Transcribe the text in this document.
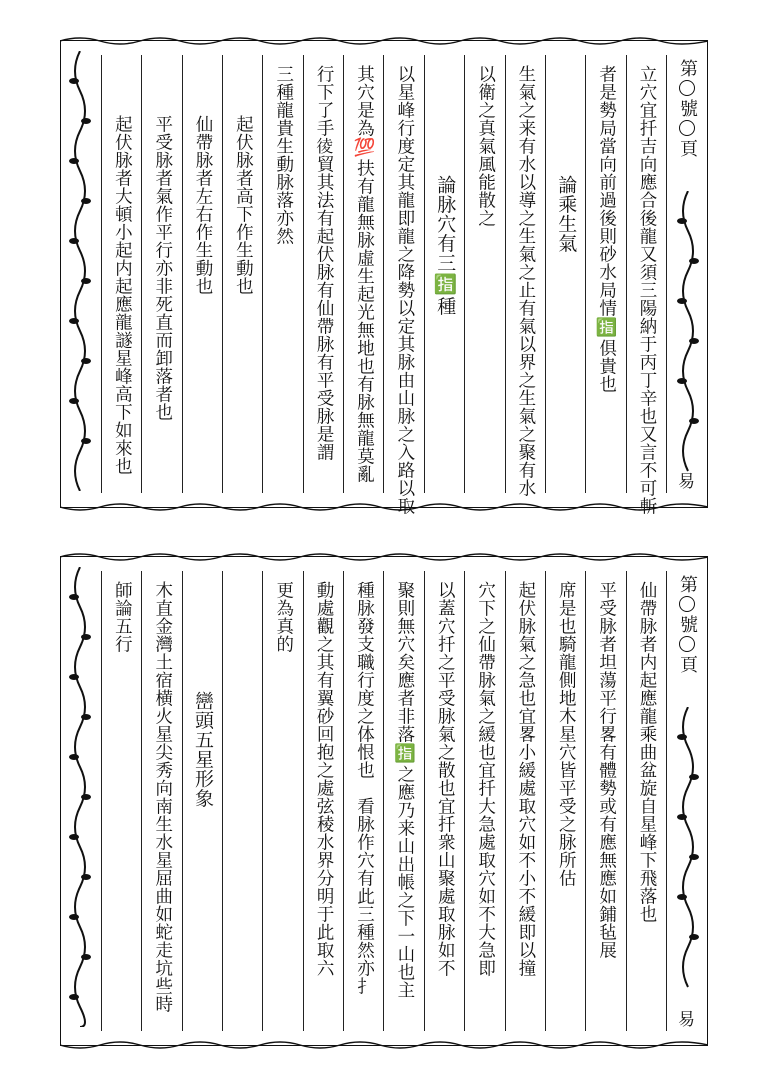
第號頁
易
立穴宜扦吉向應合後龍又須三陽納于丙丁辛也又言不可斬
者是勢局當向前過後則砂水局情🈯俱貴也
論乘生氣
生氣之来有水以導之生氣之止有氣以界之生氣之聚有水
以衛之真氣風能散之
論脉穴有三🈯種
以星峰行度定其龍即龍之降勢以定其脉由山脉之入路以取
其穴是為💯扶有龍無脉虛生起光無地也有脉無龍莫亂
行下了手𢔁貿其法有起伏脉有仙帶脉有平受脉是謂
三種龍貴生動脉落亦然
起伏脉者高下作生動也
仙帶脉者左右作生動也
平受脉者氣作平行亦非死直而卸落者也
起伏脉者大頓小起内起應龍譢星峰高下如來也
第號頁
易
仙帶脉者内起應龍乘曲盆旋自星峰下飛落也
平受脉者坦蕩平行畧有體勢或有應無應如鋪毡展
席是也騎龍側地木星穴皆平受之脉所估
起伏脉氣之急也宜畧小緩處取穴如不小不緩即以撞
穴下之仙帶脉氣之緩也宜扦大急處取穴如不大急即
以蓋穴扦之平受脉氣之散也宜扦衆山聚處取脉如不
聚則無穴矣應者非落🈯之應乃来山出帳之下一山也主
種脉發支職行度之体恨也　看脉作穴有此三種然亦扌
動處觀之其有翼砂回抱之處弦稜水界分明于此取六
更為真的
巒頭五星形象
木直金灣土宿横火星尖秀向南生水星屈曲如蛇走坑些時
師論五行
